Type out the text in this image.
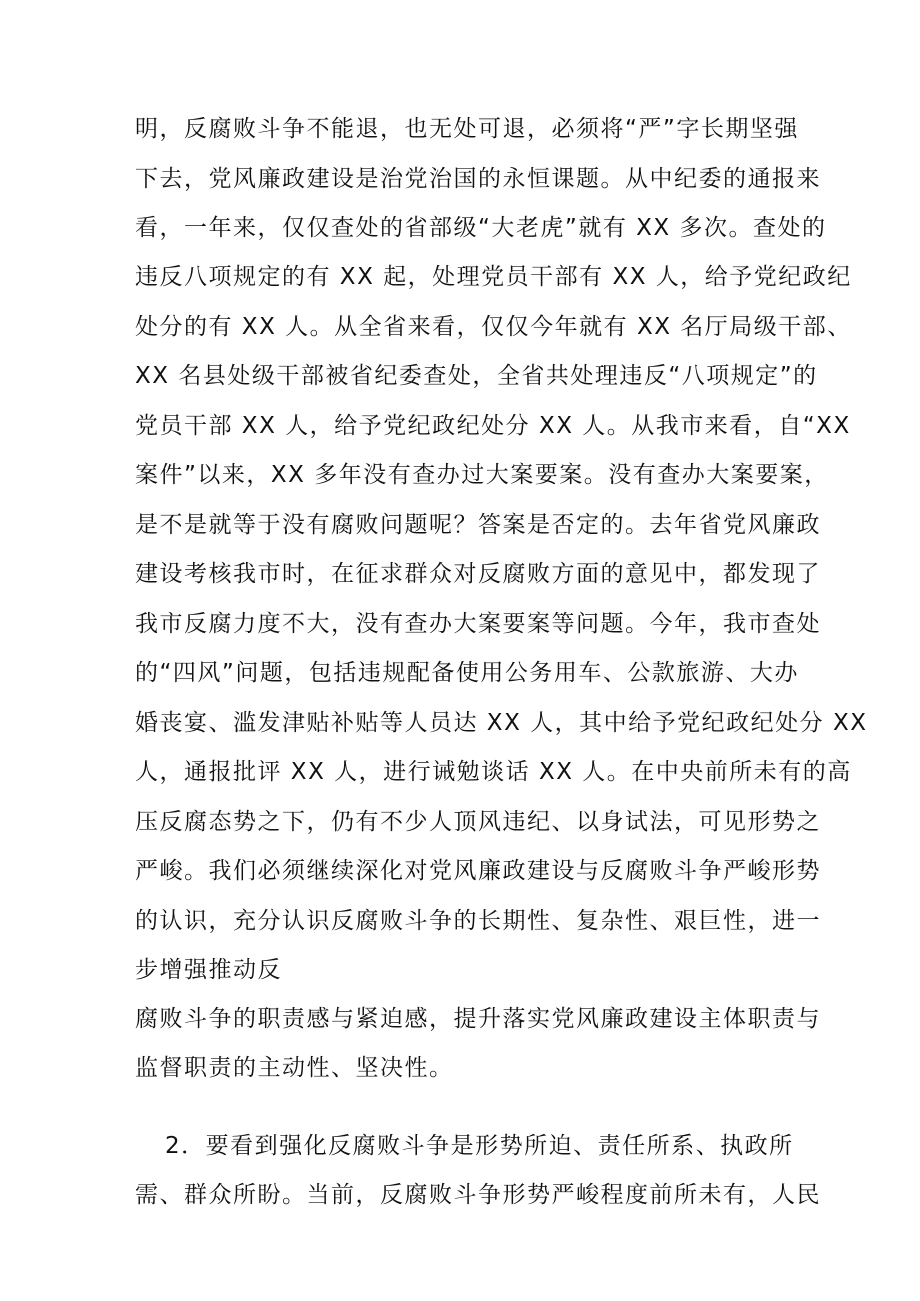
明，反腐败斗争不能退，也无处可退，必须将“严”字长期坚强
下去，党风廉政建设是治党治国的永恒课题。从中纪委的通报来
看，一年来，仅仅查处的省部级“大老虎”就有 XX 多次。查处的
违反八项规定的有 XX 起，处理党员干部有 XX 人，给予党纪政纪
处分的有 XX 人。从全省来看，仅仅今年就有 XX 名厅局级干部、
XX 名县处级干部被省纪委查处，全省共处理违反“八项规定”的
党员干部 XX 人，给予党纪政纪处分 XX 人。从我市来看，自“XX
案件”以来，XX 多年没有查办过大案要案。没有查办大案要案，
是不是就等于没有腐败问题呢？答案是否定的。去年省党风廉政
建设考核我市时，在征求群众对反腐败方面的意见中，都发现了
我市反腐力度不大，没有查办大案要案等问题。今年，我市查处
的“四风”问题，包括违规配备使用公务用车、公款旅游、大办
婚丧宴、滥发津贴补贴等人员达 XX 人，其中给予党纪政纪处分 XX
人，通报批评 XX 人，进行诫勉谈话 XX 人。在中央前所未有的高
压反腐态势之下，仍有不少人顶风违纪、以身试法，可见形势之
严峻。我们必须继续深化对党风廉政建设与反腐败斗争严峻形势
的认识，充分认识反腐败斗争的长期性、复杂性、艰巨性，进一
步增强推动反
腐败斗争的职责感与紧迫感，提升落实党风廉政建设主体职责与
监督职责的主动性、坚决性。
2．要看到强化反腐败斗争是形势所迫、责任所系、执政所
需、群众所盼。当前，反腐败斗争形势严峻程度前所未有，人民
